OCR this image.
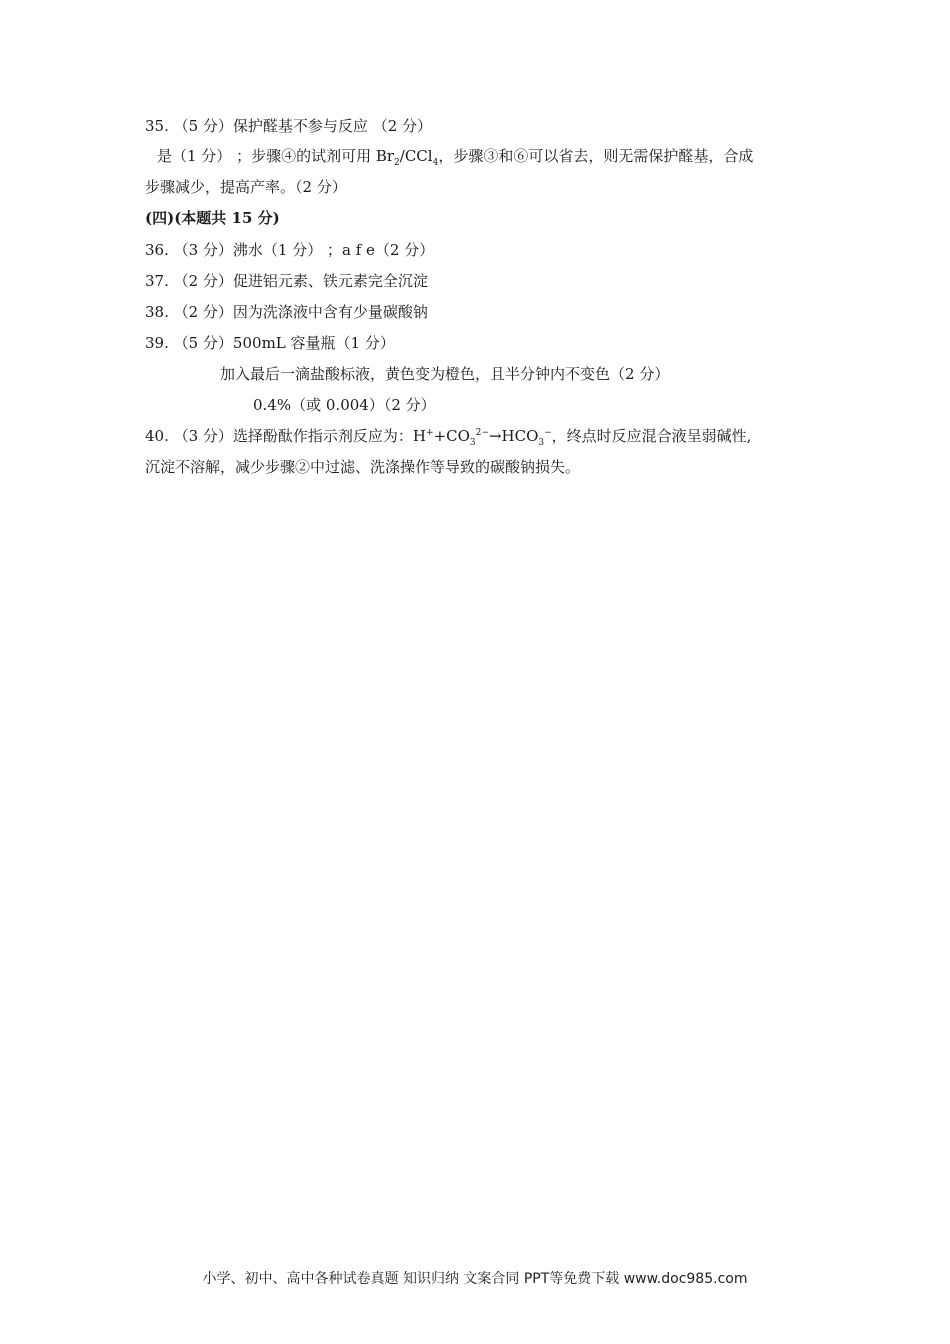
35. （5 分）保护醛基不参与反应 （2 分）
是（1 分） ；步骤④的试剂可用 $Br_2/CCl_4$，步骤③和⑥可以省去，则无需保护醛基，合成
步骤减少，提高产率。（2 分）
(四)(本题共 15 分)
36. （3 分）沸水（1 分） ；a f e（2 分）
37. （2 分）促进铝元素、铁元素完全沉淀
38. （2 分）因为洗涤液中含有少量碳酸钠
39. （5 分）500mL 容量瓶（1 分）
加入最后一滴盐酸标液，黄色变为橙色，且半分钟内不变色（2 分）
0.4%（或 0.004）（2 分）
40. （3 分）选择酚酞作指示剂反应为：$H^++CO_3^{2-}\to HCO_3^-$，终点时反应混合液呈弱碱性,
沉淀不溶解，减少步骤②中过滤、洗涤操作等导致的碳酸钠损失。
小学、初中、高中各种试卷真题 知识归纳 文案合同 PPT等免费下载 www.doc985.com
